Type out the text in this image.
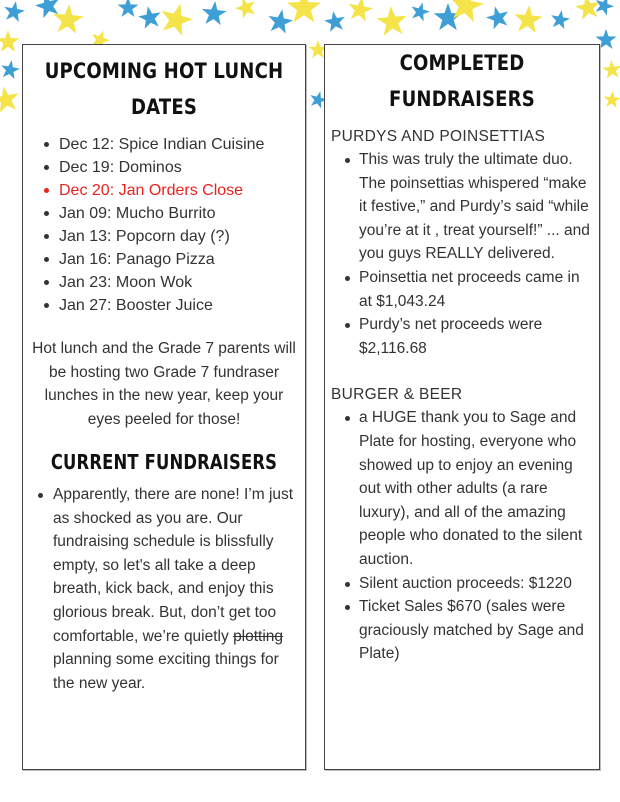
UPCOMING HOT LUNCH
DATES
Dec 12: Spice Indian Cuisine
Dec 19: Dominos
Dec 20: Jan Orders Close
Jan 09: Mucho Burrito
Jan 13: Popcorn day (?)
Jan 16: Panago Pizza
Jan 23: Moon Wok
Jan 27: Booster Juice
Hot lunch and the Grade 7 parents will be hosting two Grade 7 fundraser lunches in the new year, keep your eyes peeled for those!
CURRENT FUNDRAISERS
Apparently, there are none! I’m just as shocked as you are. Our fundraising schedule is blissfully empty, so let's all take a deep breath, kick back, and enjoy this glorious break. But, don’t get too comfortable, we’re quietly plotting planning some exciting things for the new year.
COMPLETED
FUNDRAISERS
PURDYS AND POINSETTIAS
This was truly the ultimate duo. The poinsettias whispered “make it festive,” and Purdy’s said “while you’re at it , treat yourself!” ... and you guys REALLY delivered.
Poinsettia net proceeds came in at $1,043.24
Purdy’s net proceeds were $2,116.68
BURGER & BEER
a HUGE thank you to Sage and Plate for hosting, everyone who showed up to enjoy an evening out with other adults (a rare luxury), and all of the amazing people who donated to the silent auction.
Silent auction proceeds: $1220
Ticket Sales $670 (sales were graciously matched by Sage and Plate)
